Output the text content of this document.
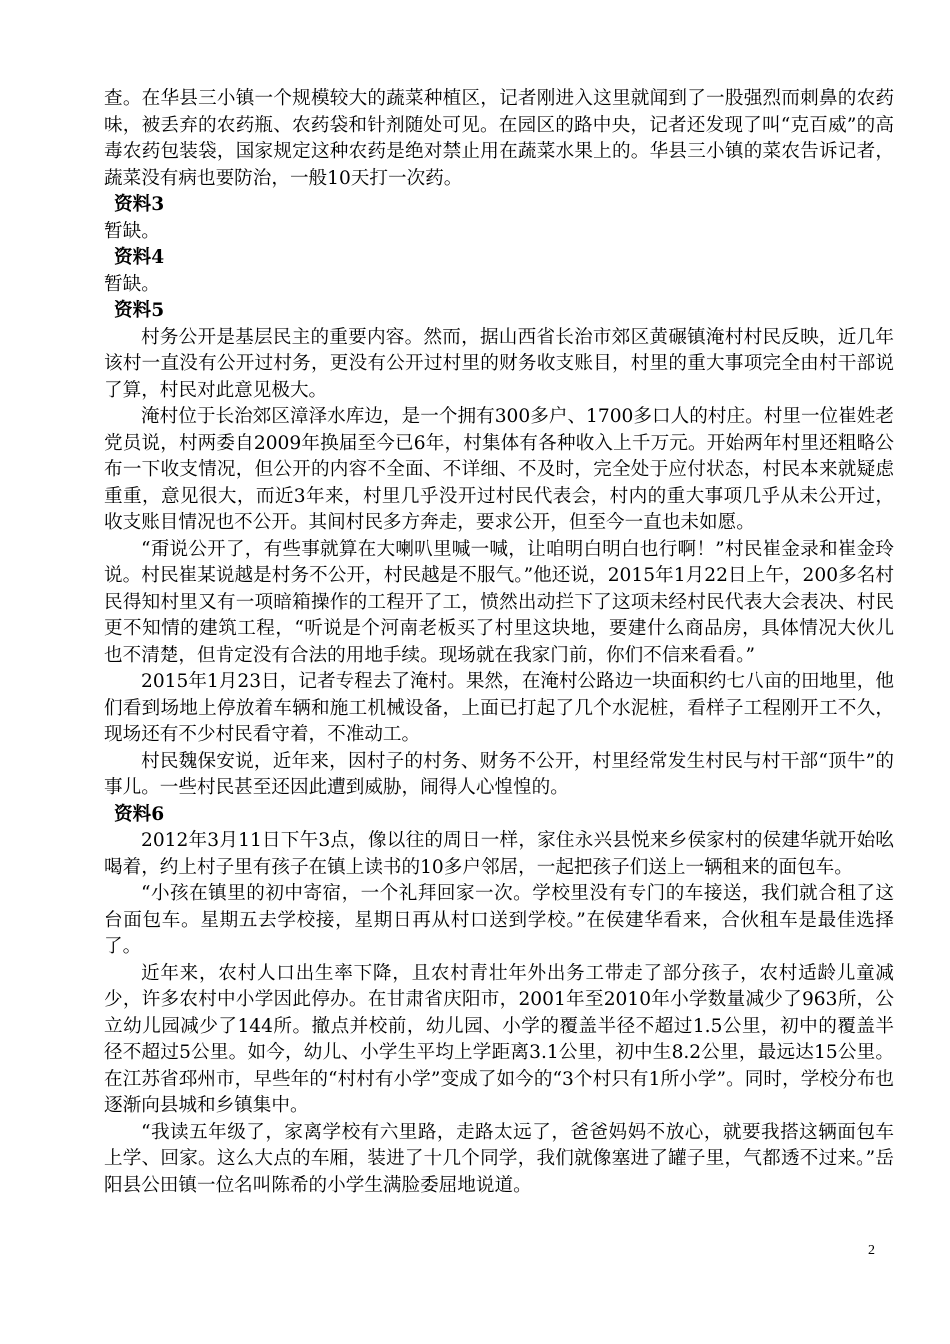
查。在华县三小镇一个规模较大的蔬菜种植区，记者刚进入这里就闻到了一股强烈而刺鼻的农药味，被丢弃的农药瓶、农药袋和针剂随处可见。在园区的路中央，记者还发现了叫“克百威”的高毒农药包装袋，国家规定这种农药是绝对禁止用在蔬菜水果上的。华县三小镇的菜农告诉记者，蔬菜没有病也要防治，一般10天打一次药。

资料3

暂缺。

资料4

暂缺。

资料5

村务公开是基层民主的重要内容。然而，据山西省长治市郊区黄碾镇淹村村民反映，近几年该村一直没有公开过村务，更没有公开过村里的财务收支账目，村里的重大事项完全由村干部说了算，村民对此意见极大。

淹村位于长治郊区漳泽水库边，是一个拥有300多户、1700多口人的村庄。村里一位崔姓老党员说，村两委自2009年换届至今已6年，村集体有各种收入上千万元。开始两年村里还粗略公布一下收支情况，但公开的内容不全面、不详细、不及时，完全处于应付状态，村民本来就疑虑重重，意见很大，而近3年来，村里几乎没开过村民代表会，村内的重大事项几乎从未公开过，收支账目情况也不公开。其间村民多方奔走，要求公开，但至今一直也未如愿。

“甭说公开了，有些事就算在大喇叭里喊一喊，让咱明白明白也行啊！”村民崔金录和崔金玲说。村民崔某说越是村务不公开，村民越是不服气。”他还说，2015年1月22日上午，200多名村民得知村里又有一项暗箱操作的工程开了工，愤然出动拦下了这项未经村民代表大会表决、村民更不知情的建筑工程，“听说是个河南老板买了村里这块地，要建什么商品房，具体情况大伙儿也不清楚，但肯定没有合法的用地手续。现场就在我家门前，你们不信来看看。”

2015年1月23日，记者专程去了淹村。果然，在淹村公路边一块面积约七八亩的田地里，他们看到场地上停放着车辆和施工机械设备，上面已打起了几个水泥桩，看样子工程刚开工不久，现场还有不少村民看守着，不准动工。

村民魏保安说，近年来，因村子的村务、财务不公开，村里经常发生村民与村干部“顶牛”的事儿。一些村民甚至还因此遭到威胁，闹得人心惶惶的。

资料6

2012年3月11日下午3点，像以往的周日一样，家住永兴县悦来乡侯家村的侯建华就开始吆喝着，约上村子里有孩子在镇上读书的10多户邻居，一起把孩子们送上一辆租来的面包车。

“小孩在镇里的初中寄宿，一个礼拜回家一次。学校里没有专门的车接送，我们就合租了这台面包车。星期五去学校接，星期日再从村口送到学校。”在侯建华看来，合伙租车是最佳选择了。

近年来，农村人口出生率下降，且农村青壮年外出务工带走了部分孩子，农村适龄儿童减少，许多农村中小学因此停办。在甘肃省庆阳市，2001年至2010年小学数量减少了963所，公立幼儿园减少了144所。撤点并校前，幼儿园、小学的覆盖半径不超过1.5公里，初中的覆盖半径不超过5公里。如今，幼儿、小学生平均上学距离3.1公里，初中生8.2公里，最远达15公里。在江苏省邳州市，早些年的“村村有小学”变成了如今的“3个村只有1所小学”。同时，学校分布也逐渐向县城和乡镇集中。

“我读五年级了，家离学校有六里路，走路太远了，爸爸妈妈不放心，就要我搭这辆面包车上学、回家。这么大点的车厢，装进了十几个同学，我们就像塞进了罐子里，气都透不过来。”岳阳县公田镇一位名叫陈希的小学生满脸委屈地说道。

2
